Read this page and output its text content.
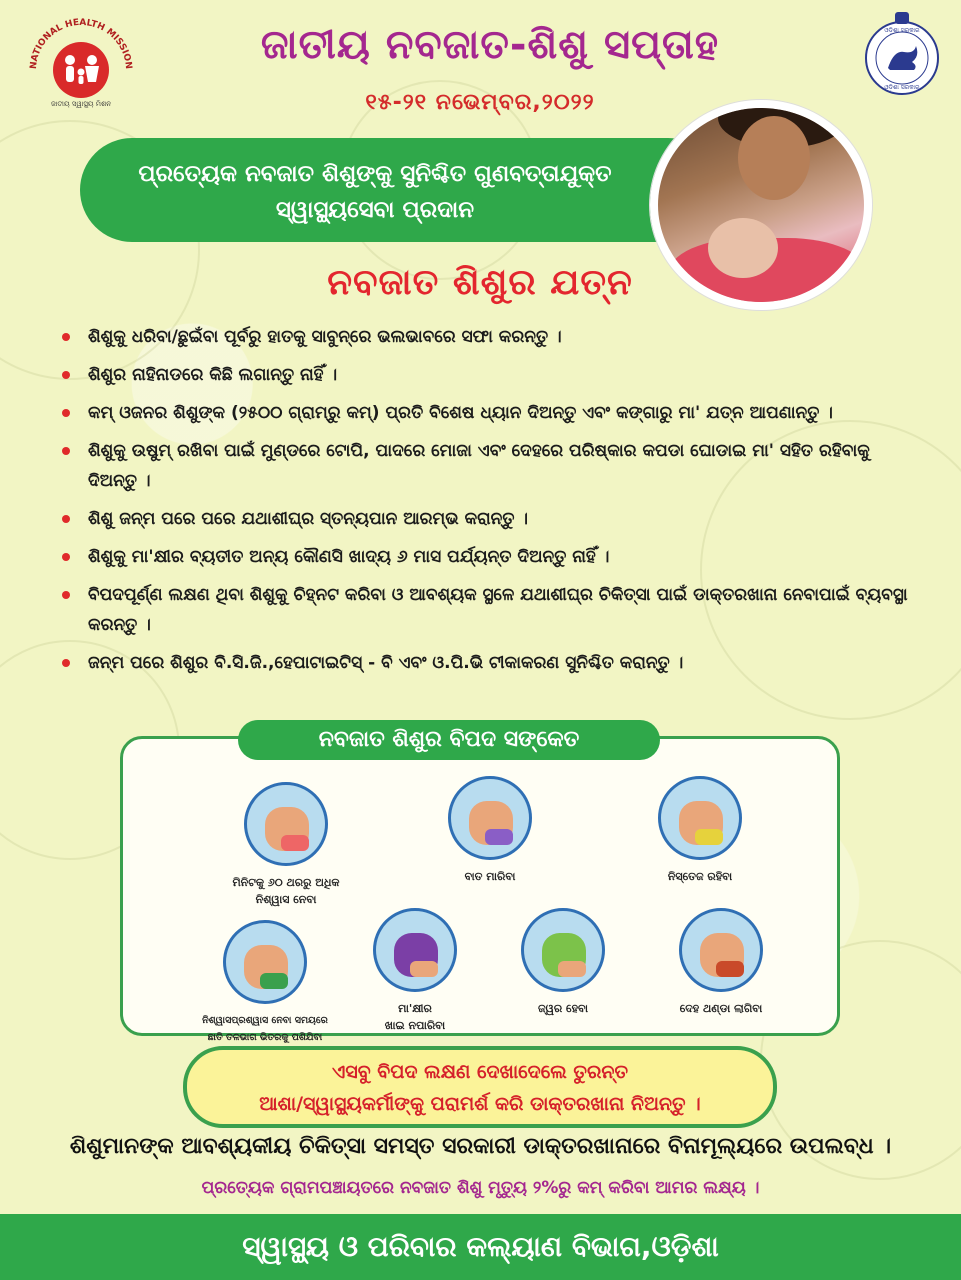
NATIONAL HEALTH MISSION
ଜାତୀୟ ସ୍ୱାସ୍ଥ୍ୟ ମିଶନ
ଓଡ଼ିଶା ସରକାର
ଓଡ଼ିଶା ସରକାର
ଜାତୀୟ ନବଜାତ-ଶିଶୁ ସପ୍ତାହ
୧୫-୨୧ ନଭେମ୍ବର,୨୦୨୨
ପ୍ରତ୍ୟେକ ନବଜାତ ଶିଶୁଙ୍କୁ ସୁନିଶ୍ଚିତ ଗୁଣବତ୍ତାଯୁକ୍ତ
ସ୍ୱାସ୍ଥ୍ୟସେବା ପ୍ରଦାନ
ନବଜାତ ଶିଶୁର ଯତ୍ନ
ଶିଶୁକୁ ଧରିବା/ଛୁଇଁବା ପୂର୍ବରୁ ହାତକୁ ସାବୁନ୍‌ରେ ଭଲଭାବରେ ସଫା କରନ୍ତୁ ।
ଶିଶୁର ନାହିନାଡରେ କିଛି ଲଗାନ୍ତୁ ନାହିଁ ।
କମ୍ ଓଜନର ଶିଶୁଙ୍କ (୨୫୦୦ ଗ୍ରାମ୍‌ରୁ କମ୍) ପ୍ରତି ବିଶେଷ ଧ୍ୟାନ ଦିଅନ୍ତୁ ଏବଂ କଙ୍ଗାରୁ ମା' ଯତ୍ନ ଆପଣାନ୍ତୁ ।
ଶିଶୁକୁ ଉଷୁମ୍ ରଖିବା ପାଇଁ ମୁଣ୍ଡରେ ଟୋପି, ପାଦରେ ମୋଜା ଏବଂ ଦେହରେ ପରିଷ୍କାର କପଡା ଘୋଡାଇ ମା' ସହିତ ରହିବାକୁ ଦିଅନ୍ତୁ ।
ଶିଶୁ ଜନ୍ମ ପରେ ପରେ ଯଥାଶୀଘ୍ର ସ୍ତନ୍ୟପାନ ଆରମ୍ଭ କରାନ୍ତୁ ।
ଶିଶୁକୁ ମା'କ୍ଷୀର ବ୍ୟତୀତ ଅନ୍ୟ କୌଣସି ଖାଦ୍ୟ ୬ ମାସ ପର୍ଯ୍ୟନ୍ତ ଦିଅନ୍ତୁ ନାହିଁ ।
ବିପଦପୂର୍ଣ୍ଣ ଲକ୍ଷଣ ଥିବା ଶିଶୁକୁ ଚିହ୍ନଟ କରିବା ଓ ଆବଶ୍ୟକ ସ୍ଥଳେ ଯଥାଶୀଘ୍ର ଚିକିତ୍ସା ପାଇଁ ଡାକ୍ତରଖାନା ନେବାପାଇଁ ବ୍ୟବସ୍ଥା କରନ୍ତୁ ।
ଜନ୍ମ ପରେ ଶିଶୁର ବି.ସି.ଜି.,ହେପାଟାଇଟିସ୍ - ବି ଏବଂ ଓ.ପି.ଭି ଟୀକାକରଣ ସୁନିଶ୍ଚିତ କରାନ୍ତୁ ।
ନବଜାତ ଶିଶୁର ବିପଦ ସଙ୍କେତ
ମିନିଟକୁ ୬୦ ଥରରୁ ଅଧିକ
ନିଶ୍ୱାସ ନେବା
ବାତ ମାରିବା	ନିସ୍ତେଜ ରହିବା
ନିଶ୍ୱାସପ୍ରଶ୍ୱାସ ନେବା ସମୟରେ
ଛାତି ତଳଭାଗ ଭିତରକୁ ପଶିଯିବା
ମା'କ୍ଷୀର
ଖାଇ ନପାରିବା
ଜ୍ୱର ହେବା	ଦେହ ଥଣ୍ଡା ଲାଗିବା
ଏସବୁ ବିପଦ ଲକ୍ଷଣ ଦେଖାଦେଲେ ତୁରନ୍ତ
ଆଶା/ସ୍ୱାସ୍ଥ୍ୟକର୍ମୀଙ୍କୁ ପରାମର୍ଶ କରି ଡାକ୍ତରଖାନା ନିଅନ୍ତୁ ।
ଶିଶୁମାନଙ୍କ ଆବଶ୍ୟକୀୟ ଚିକିତ୍ସା ସମସ୍ତ ସରକାରୀ ଡାକ୍ତରଖାନାରେ ବିନାମୂଲ୍ୟରେ ଉପଲବ୍ଧ ।
ପ୍ରତ୍ୟେକ ଗ୍ରାମପଞ୍ଚାୟତରେ ନବଜାତ ଶିଶୁ ମୃତ୍ୟୁ ୨%ରୁ କମ୍ କରିବା ଆମର ଲକ୍ଷ୍ୟ ।
ସ୍ୱାସ୍ଥ୍ୟ ଓ ପରିବାର କଲ୍ୟାଣ ବିଭାଗ,ଓଡ଼ିଶା
